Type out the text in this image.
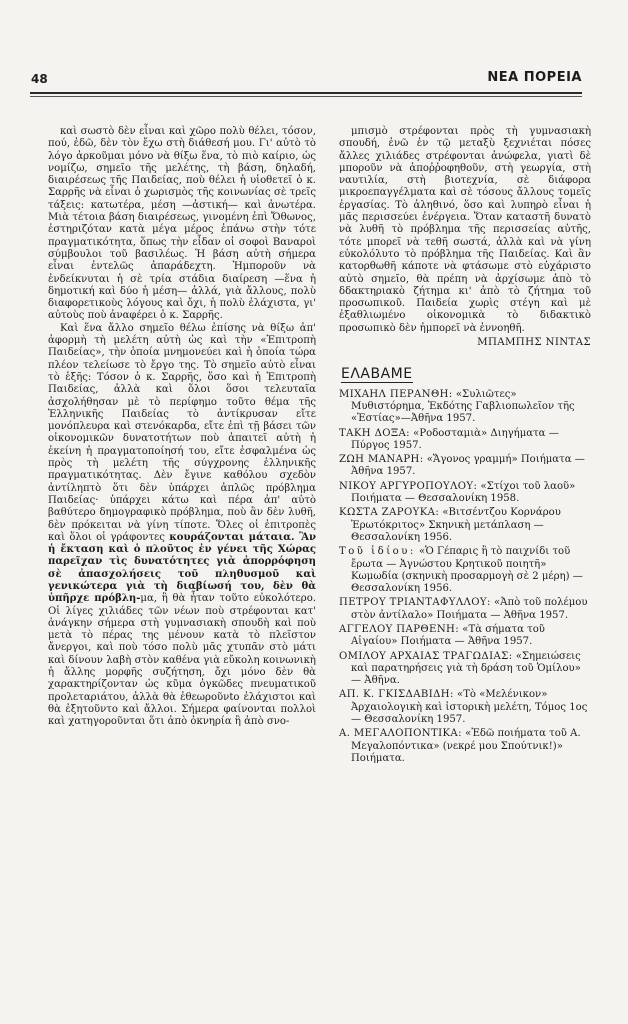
48	ΝΕΑ ΠΟΡΕΙΑ

καὶ σωστὸ δὲν εἶναι καὶ χῶρο πολὺ θέλει, τόσον, πού, ἐδῶ, δὲν τὸν ἔχω στὴ διάθεσή μου. Γι' αὐτὸ τὸ λόγο ἀρκοῦμαι μόνο νὰ θίξω ἕνα, τὸ πιὸ καίριο, ὡς νομίζω, σημεῖο τῆς μελέτης, τὴ βάση, δηλαδή, διαιρέσεως τῆς Παιδείας, ποὺ θέλει ἡ υἱοθετεῖ ὁ κ. Σαρρῆς νὰ εἶναι ὁ χωρισμὸς τῆς κοινωνίας σὲ τρεῖς τάξεις: κατωτέρα, μέση —ἀστική— καὶ ἀνωτέρα. Μιὰ τέτοια βάση διαιρέσεως, γινομένη ἐπὶ Ὄθωνος, ἐστηριζόταν κατὰ μέγα μέρος ἐπάνω στὴν τότε πραγματικότητα, ὅπως τὴν εἶδαν οἱ σοφοὶ Βαναροὶ σύμβουλοι τοῦ βασιλέως. Ἡ βάση αὐτὴ σήμερα εἶναι ἐντελῶς ἀπαράδεχτη. Ἠμποροῦν νὰ ἐνδείκνυται ἡ σὲ τρία στάδια διαίρεση —ἕνα ἡ δημοτική καὶ δύο ἡ μέση— ἀλλά, γιὰ ἄλλους, πολὺ διαφορετικοὺς λόγους καὶ ὄχι, ἡ πολὺ ἐλάχιστα, γι' αὐτοὺς ποὺ ἀναφέρει ὁ κ. Σαρρῆς.

Καὶ ἕνα ἄλλο σημεῖο θέλω ἐπίσης νὰ θίξω ἀπ' ἀφορμὴ τὴ μελέτη αὐτὴ ὡς καὶ τὴν «Ἐπιτροπὴ Παιδείας», τὴν ὁποία μνημονεύει καὶ ἡ ὁποία τώρα πλέον τελείωσε τὸ ἔργο της. Τὸ σημεῖο αὐτὸ εἶναι τὸ ἑξῆς: Τόσον ὁ κ. Σαρρῆς, ὅσο καὶ ἡ Ἐπιτροπὴ Παιδείας, ἀλλὰ καὶ ὅλοι ὅσοι τελευταῖα ἀσχολήθησαν μὲ τὸ περίφημο τοῦτο θέμα τῆς Ἑλληνικῆς Παιδείας τὸ ἀντίκρυσαν εἴτε μονόπλευρα καὶ στενόκαρδα, εἴτε ἐπὶ τῇ βάσει τῶν οἰκονομικῶν δυνατοτήτων ποὺ ἀπαιτεῖ αὐτὴ ἡ ἐκείνη ἡ πραγματοποίησή του, εἴτε ἐσφαλμένα ὡς πρὸς τὴ μελέτη τῆς σύγχρονης ἑλληνικῆς πραγματικότητας. Δὲν ἔγινε καθόλου σχεδὸν ἀντίληπτὸ ὅτι δὲν ὑπάρχει ἁπλῶς πρόβλημα Παιδείας· ὑπάρχει κάτω καὶ πέρα ἀπ' αὐτὸ βαθύτερο δημογραφικὸ πρόβλημα, ποὺ ἂν δὲν λυθῆ, δὲν πρόκειται νὰ γίνη τίποτε. Ὅλες οἱ ἐπιτροπὲς καὶ ὅλοι οἱ γράφοντες κουράζονται μάταια. Ἂν ἡ ἔκταση καὶ ὁ πλοῦτος ἐν γένει τῆς Χώρας παρεῖχαν τὶς δυνατότητες γιὰ ἀπορρόφηση σὲ ἀπασχολήσεις τοῦ πληθυσμοῦ καὶ γενικώτερα γιὰ τὴ διαβίωσή του, δὲν θὰ ὑπῆρχε πρόβλη-μα, ἢ θὰ ἦταν τοῦτο εὐκολότερο. Οἱ λίγες χιλιάδες τῶν νέων ποὺ στρέφονται κατ' ἀνάγκην σήμερα στὴ γυμνασιακὴ σπουδὴ καὶ ποὺ μετὰ τὸ πέρας της μένουν κατὰ τὸ πλεῖστον ἄνεργοι, καὶ ποὺ τόσο πολὺ μᾶς χτυπᾶν στὸ μάτι καὶ δίνουν λαβὴ στὸν καθένα γιὰ εὔκολη κοινωνικὴ ἡ ἄλλης μορφῆς συζήτηση, ὄχι μόνο δὲν θὰ χαρακτηρίζονταν ὡς κῦμα ὀγκῶδες πνευματικοῦ προλεταριάτου, ἀλλὰ θὰ ἐθεωροῦνto ἐλάχιστοι καὶ θὰ ἐξητοῦντο καὶ ἄλλοι. Σήμερα φαίνονται πολλοὶ καὶ χατηγοροῦνται ὅτι ἀπὸ ὀκνηρία ἢ ἀπὸ σνο-

μπισμὸ στρέφονται πρὸς τὴ γυμνασιακὴ σπουδή, ἐνῶ ἐν τῷ μεταξὺ ξεχνιέται πόσες ἄλλες χιλιάδες στρέφονται ἀνώφελα, γιατὶ δὲ μποροῦν νὰ ἀποῤῥοφηθοῦν, στὴ γεωργία, στὴ ναυτιλία, στὴ βιοτεχνία, σὲ διάφορα μικροεπαγγέλματα καὶ σὲ τόσους ἄλλους τομεῖς ἐργασίας. Τὸ ἀληθινό, ὅσο καὶ λυπηρὸ εἶναι ἡ μᾶς περισσεύει ἐνέργεια. Ὅταν καταστῆ δυνατὸ νὰ λυθῆ τὸ πρόβλημα τῆς περισσείας αὐτῆς, τότε μπορεῖ νὰ τεθῆ σωστά, ἀλλὰ καὶ νὰ γίνη εὐκολόλυτο τὸ πρόβλημα τῆς Παιδείας. Καὶ ἂν κατορθωθῆ κάποτε νὰ φτάσωμε στὸ εὐχάριστο αὐτὸ σημεῖο, θὰ πρέπη νὰ ἀρχίσωμε ἀπὸ τὸ δδακτηριακὸ ζήτημα κι' ἀπὸ τὸ ζήτημα τοῦ προσωπικοῦ. Παιδεία χωρὶς στέγη καὶ μὲ ἐξαθλιωμένο οἰκονομικὰ τὸ διδακτικὸ προσωπικὸ δὲν ἠμπορεῖ νὰ ἐννοηθῆ.

ΜΠΑΜΠΗΣ ΝΙΝΤΑΣ
ΕΛΑΒΑΜΕ
ΜΙΧΑΗΛ ΠΕΡΑΝΘΗ: «Συλιῶτες» Μυθιστόρημα, Ἐκδότης Γαβλιοπωλεῖον τῆς «Ἑστίας»—Ἀθῆνα 1957.
ΤΑΚΗ ΔΟΞΑ: «Ροδοσταμιὰ» Διηγήματα — Πύργος 1957.
ΖΩΗ ΜΑΝΑΡΗ: «Ἄγονος γραμμή» Ποιήματα — Ἀθῆνα 1957.
ΝΙΚΟΥ ΑΡΓΥΡΟΠΟΥΛΟΥ: «Στίχοι τοῦ λαοῦ» Ποιήματα — Θεσσαλονίκη 1958.
ΚΩΣΤΑ ΖΑΡΟΥΚΑ: «Βιτσέντζου Κορνάρου Ἐρωτόκριτος» Σκηνικὴ μετάπλαση — Θεσσαλονίκη 1956.
Τοῦ ἰδίου: «Ὁ Γέπαρις ἢ τὸ παιχνίδι τοῦ ἔρωτα — Ἀγνώστου Κρητικοῦ ποιητῆ» Κωμωδία (σκηνικὴ προσαρμογὴ σὲ 2 μέρη) — Θεσσαλονίκη 1956.
ΠΕΤΡΟΥ ΤΡΙΑΝΤΑΦΥΛΛΟΥ: «Ἀπὸ τοῦ πολέμου στὸν ἀντίλαλο» Ποιήματα — Ἀθῆνα 1957.
ΑΓΓΕΛΟΥ ΠΑΡΘΕΝΗ: «Τὰ σήματα τοῦ Αἰγαίου» Ποιήματα — Ἀθῆνα 1957.
ΟΜΙΛΟΥ ΑΡΧΑΙΑΣ ΤΡΑΓΩΔΙΑΣ: «Σημειώσεις καὶ παρατηρήσεις γιὰ τὴ δράση τοῦ Ὁμίλου» — Ἀθῆνα.
ΑΠ. Κ. ΓΚΙΣΔΑΒΙΔΗ: «Τὸ «Μελένικον» Ἀρχαιολογικὴ καὶ ἱστορικὴ μελέτη, Τόμος 1ος — Θεσσαλονίκη 1957.
Α. ΜΕΓΑΛΟΠΟΝΤΙΚΑ: «Ἐδῶ ποιήματα τοῦ Α. Μεγαλοπόντικα» (νεκρέ μου Σπούτνικ!)» Ποιήματα.
